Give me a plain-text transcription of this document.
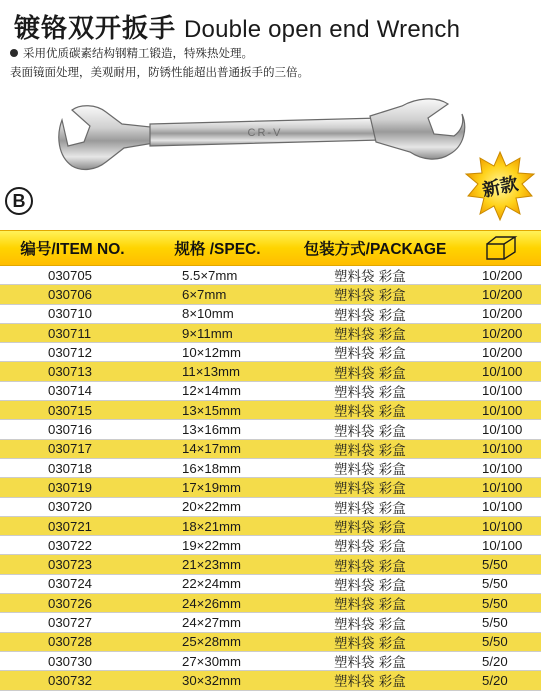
镀铬双开扳手 Double open end Wrench
采用优质碳素结构钢精工锻造，特殊热处理。
表面镜面处理，美观耐用，防锈性能超出普通扳手的三倍。
CR-V
新款
B
编号/ITEM NO.	规格 /SPEC.	包装方式/PACKAGE
030705	5.5×7mm	塑料袋 彩盒	10/200
030706	6×7mm	塑料袋 彩盒	10/200
030710	8×10mm	塑料袋 彩盒	10/200
030711	9×11mm	塑料袋 彩盒	10/200
030712	10×12mm	塑料袋 彩盒	10/200
030713	11×13mm	塑料袋 彩盒	10/100
030714	12×14mm	塑料袋 彩盒	10/100
030715	13×15mm	塑料袋 彩盒	10/100
030716	13×16mm	塑料袋 彩盒	10/100
030717	14×17mm	塑料袋 彩盒	10/100
030718	16×18mm	塑料袋 彩盒	10/100
030719	17×19mm	塑料袋 彩盒	10/100
030720	20×22mm	塑料袋 彩盒	10/100
030721	18×21mm	塑料袋 彩盒	10/100
030722	19×22mm	塑料袋 彩盒	10/100
030723	21×23mm	塑料袋 彩盒	5/50
030724	22×24mm	塑料袋 彩盒	5/50
030726	24×26mm	塑料袋 彩盒	5/50
030727	24×27mm	塑料袋 彩盒	5/50
030728	25×28mm	塑料袋 彩盒	5/50
030730	27×30mm	塑料袋 彩盒	5/20
030732	30×32mm	塑料袋 彩盒	5/20
